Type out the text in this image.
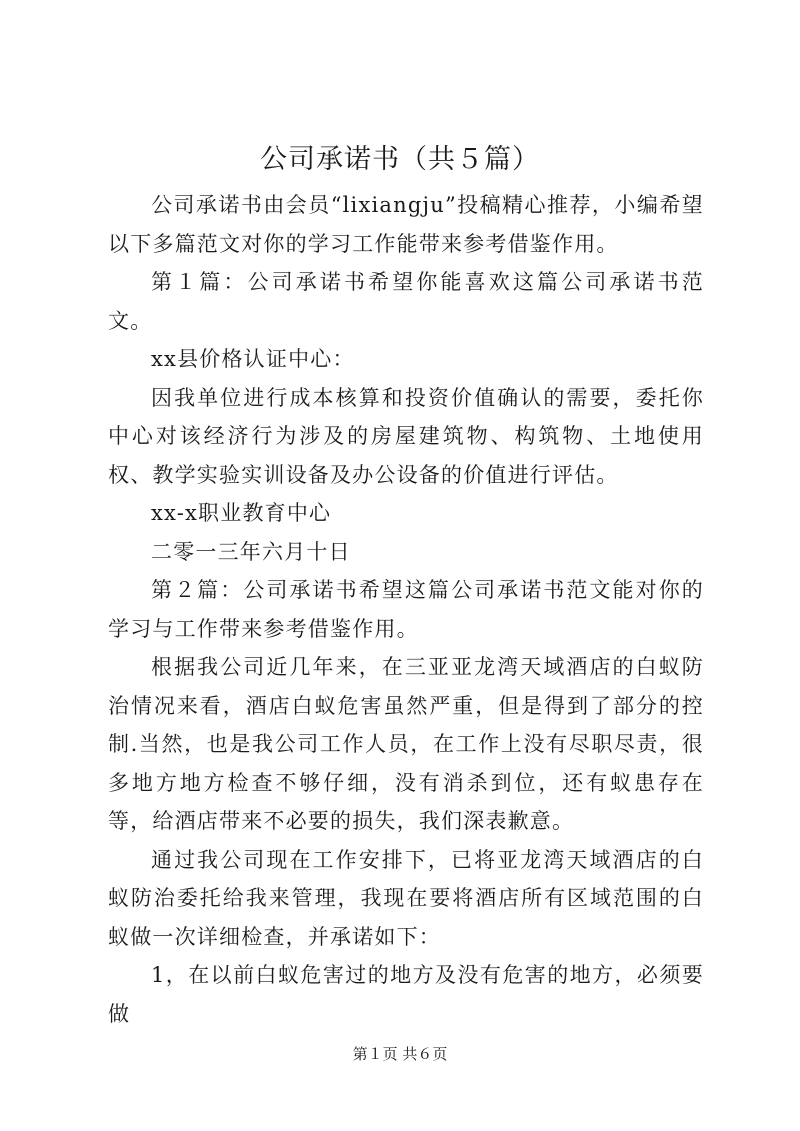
公司承诺书（共５篇）

公司承诺书由会员“lixiangju”投稿精心推荐，小编希望以下多篇范文对你的学习工作能带来参考借鉴作用。

第１篇：公司承诺书希望你能喜欢这篇公司承诺书范文。

xx县价格认证中心：

因我单位进行成本核算和投资价值确认的需要，委托你中心对该经济行为涉及的房屋建筑物、构筑物、土地使用权、教学实验实训设备及办公设备的价值进行评估。

xx-x职业教育中心

二零一三年六月十日

第２篇：公司承诺书希望这篇公司承诺书范文能对你的学习与工作带来参考借鉴作用。

根据我公司近几年来，在三亚亚龙湾天域酒店的白蚁防治情况来看，酒店白蚁危害虽然严重，但是得到了部分的控制.当然，也是我公司工作人员，在工作上没有尽职尽责，很多地方地方检查不够仔细，没有消杀到位，还有蚁患存在等，给酒店带来不必要的损失，我们深表歉意。

通过我公司现在工作安排下，已将亚龙湾天域酒店的白蚁防治委托给我来管理，我现在要将酒店所有区域范围的白蚁做一次详细检查，并承诺如下：

1，在以前白蚁危害过的地方及没有危害的地方，必须要做

第１页 共６页
